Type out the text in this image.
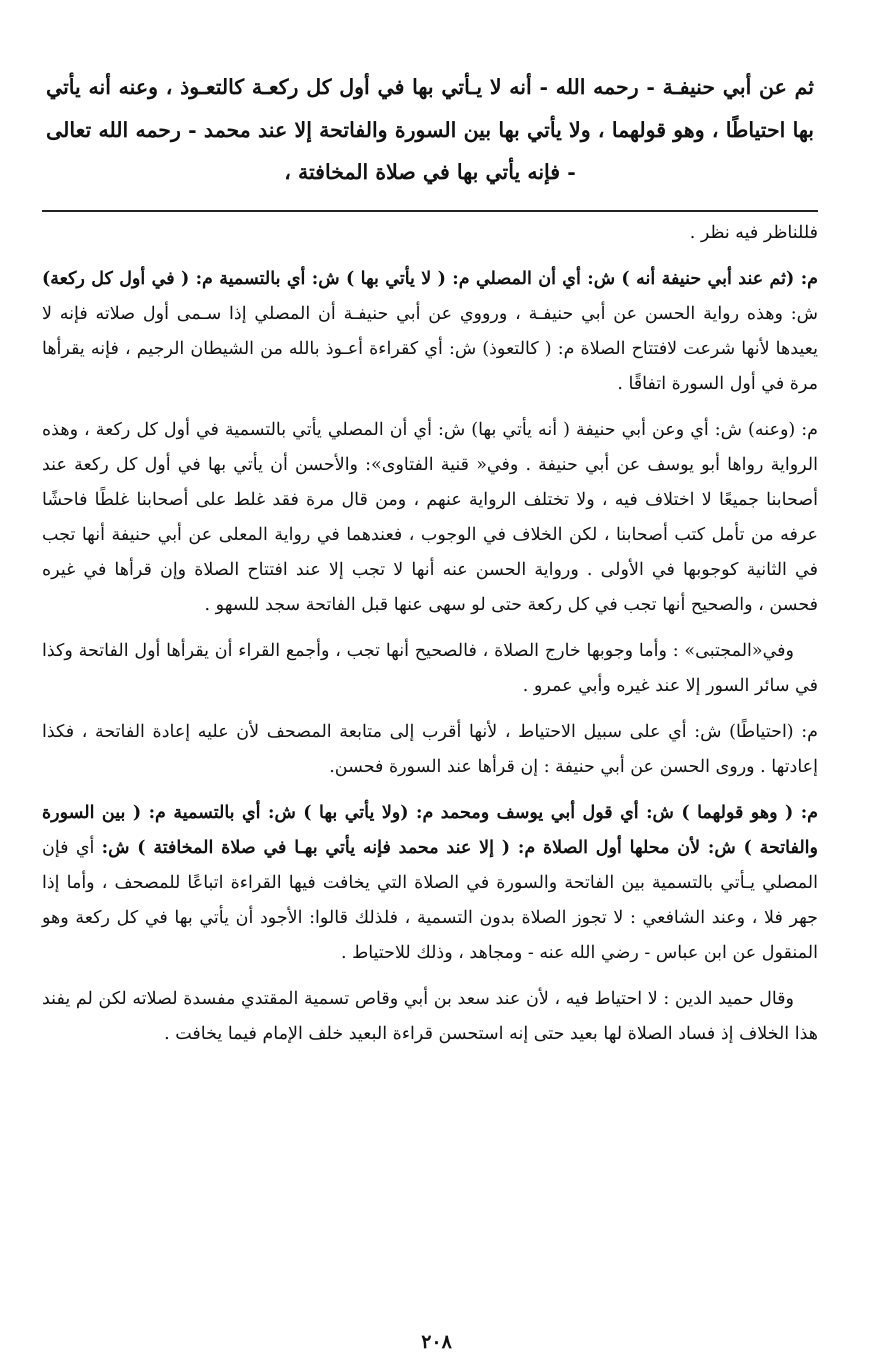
ثم عن أبي حنيفـة - رحمه الله - أنه لا يـأتي بها في أول كل ركعـة كالتعـوذ ، وعنه أنه يأتي بها احتياطًا ، وهو قولهما ، ولا يأتي بها بين السورة والفاتحة إلا عند محمد - رحمه الله تعالى - فإنه يأتي بها في صلاة المخافتة ،

فللناظر فيه نظر .

م: (ثم عند أبي حنيفة أنه ) ش: أي أن المصلي م: ( لا يأتي بها ) ش: أي بالتسمية م: ( في أول كل ركعة) ش: وهذه رواية الحسن عن أبي حنيفـة ، ورووي عن أبي حنيفـة أن المصلي إذا سـمى أول صلاته فإنه لا يعيدها لأنها شرعت لافتتاح الصلاة م: ( كالتعوذ) ش: أي كقراءة أعـوذ بالله من الشيطان الرجيم ، فإنه يقرأها مرة في أول السورة اتفاقًا .

م: (وعنه) ش: أي وعن أبي حنيفة ( أنه يأتي بها) ش: أي أن المصلي يأتي بالتسمية في أول كل ركعة ، وهذه الرواية رواها أبو يوسف عن أبي حنيفة . وفي« قنية الفتاوى»: والأحسن أن يأتي بها في أول كل ركعة عند أصحابنا جميعًا لا اختلاف فيه ، ولا تختلف الرواية عنهم ، ومن قال مرة فقد غلط على أصحابنا غلطًا فاحشًا عرفه من تأمل كتب أصحابنا ، لكن الخلاف في الوجوب ، فعندهما في رواية المعلى عن أبي حنيفة أنها تجب في الثانية كوجوبها في الأولى . ورواية الحسن عنه أنها لا تجب إلا عند افتتاح الصلاة وإن قرأها في غيره فحسن ، والصحيح أنها تجب في كل ركعة حتى لو سهى عنها قبل الفاتحة سجد للسهو .

وفي«المجتبى» : وأما وجوبها خارج الصلاة ، فالصحيح أنها تجب ، وأجمع القراء أن يقرأها أول الفاتحة وكذا في سائر السور إلا عند غيره وأبي عمرو .

م: (احتياطًا) ش: أي على سبيل الاحتياط ، لأنها أقرب إلى متابعة المصحف لأن عليه إعادة الفاتحة ، فكذا إعادتها . وروى الحسن عن أبي حنيفة : إن قرأها عند السورة فحسن.

م: ( وهو قولهما ) ش: أي قول أبي يوسف ومحمد م: (ولا يأتي بها ) ش: أي بالتسمية م: ( بين السورة والفاتحة ) ش: لأن محلها أول الصلاة م: ( إلا عند محمد فإنه يأتي بهـا في صلاة المخافتة ) ش: أي فإن المصلي يـأتي بالتسمية بين الفاتحة والسورة في الصلاة التي يخافت فيها القراءة اتباعًا للمصحف ، وأما إذا جهر فلا ، وعند الشافعي : لا تجوز الصلاة بدون التسمية ، فلذلك قالوا: الأجود أن يأتي بها في كل ركعة وهو المنقول عن ابن عباس - رضي الله عنه - ومجاهد ، وذلك للاحتياط .

وقال حميد الدين : لا احتياط فيه ، لأن عند سعد بن أبي وقاص تسمية المقتدي مفسدة لصلاته لكن لم يفند هذا الخلاف إذ فساد الصلاة لها بعيد حتى إنه استحسن قراءة البعيد خلف الإمام فيما يخافت .

٢٠٨
